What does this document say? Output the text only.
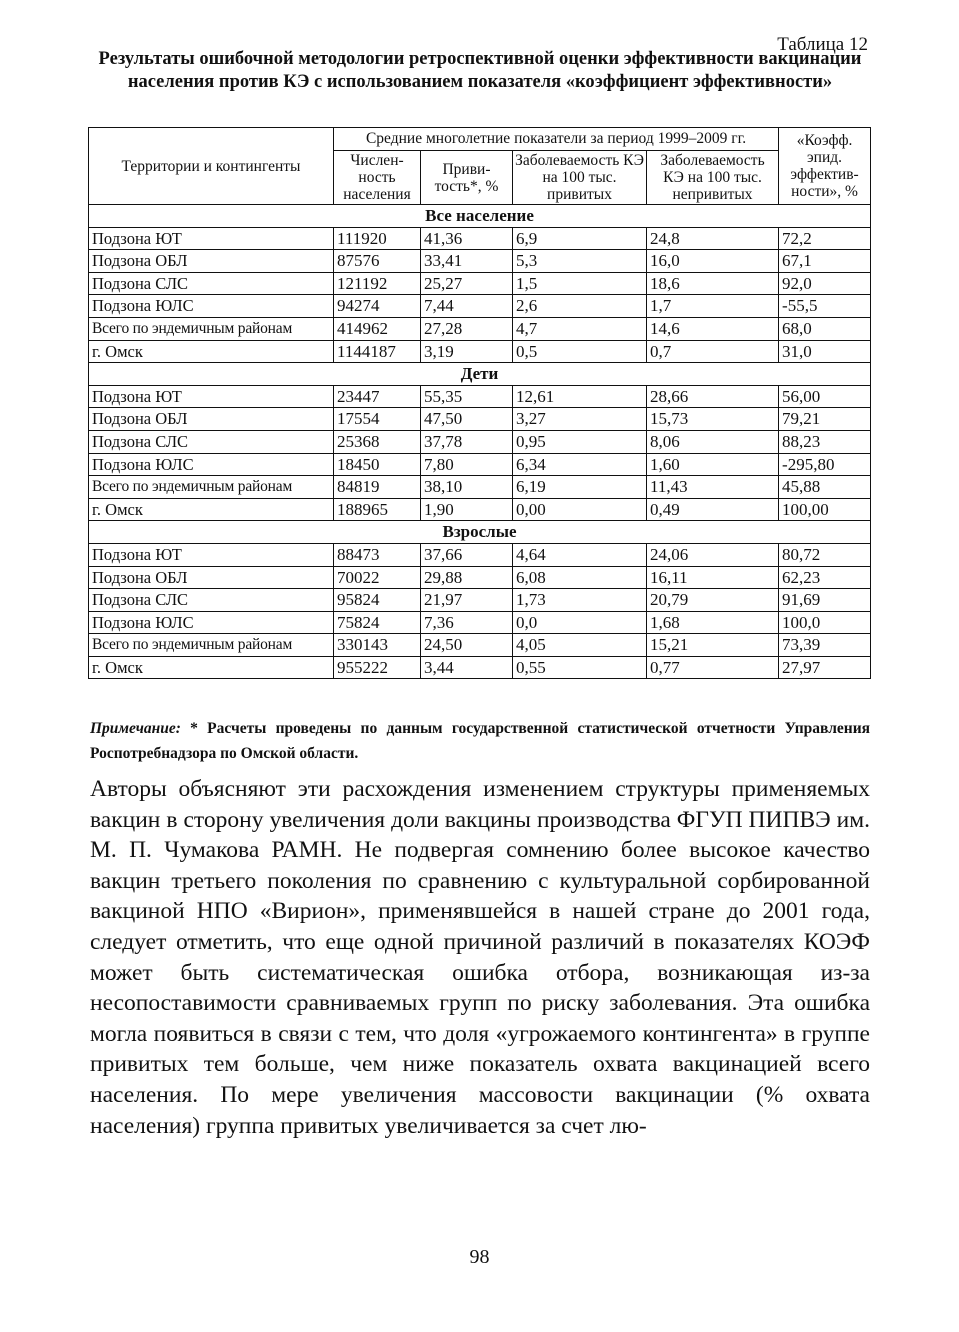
Таблица 12
Результаты ошибочной методологии ретроспективной оценки эффективности вакцинации населения против КЭ с использованием показателя «коэффициент эффективности»
Территории и контингенты	Средние многолетние показатели за период 1999–2009 гг.				«Коэфф. эпид. эффектив-ности», %
	Числен-ность населения	Приви-тость*, %	Заболеваемость КЭ на 100 тыс. привитых	Заболеваемость КЭ на 100 тыс. непривитых	
Все население					
Подзона ЮТ	111920	41,36	6,9	24,8	72,2
Подзона ОБЛ	87576	33,41	5,3	16,0	67,1
Подзона СЛС	121192	25,27	1,5	18,6	92,0
Подзона ЮЛС	94274	7,44	2,6	1,7	-55,5
Всего по эндемичным районам	414962	27,28	4,7	14,6	68,0
г. Омск	1144187	3,19	0,5	0,7	31,0
Дети					
Подзона ЮТ	23447	55,35	12,61	28,66	56,00
Подзона ОБЛ	17554	47,50	3,27	15,73	79,21
Подзона СЛС	25368	37,78	0,95	8,06	88,23
Подзона ЮЛС	18450	7,80	6,34	1,60	-295,80
Всего по эндемичным районам	84819	38,10	6,19	11,43	45,88
г. Омск	188965	1,90	0,00	0,49	100,00
Взрослые					
Подзона ЮТ	88473	37,66	4,64	24,06	80,72
Подзона ОБЛ	70022	29,88	6,08	16,11	62,23
Подзона СЛС	95824	21,97	1,73	20,79	91,69
Подзона ЮЛС	75824	7,36	0,0	1,68	100,0
Всего по эндемичным районам	330143	24,50	4,05	15,21	73,39
г. Омск	955222	3,44	0,55	0,77	27,97
Примечание: * Расчеты проведены по данным государственной статистической отчетности Управления Роспотребнадзора по Омской области.
Авторы объясняют эти расхождения изменением структуры применяемых вакцин в сторону увеличения доли вакцины производства ФГУП ПИПВЭ им. М. П. Чумакова РАМН. Не подвергая сомнению более высокое качество вакцин третьего поколения по сравнению с культуральной сорбированной вакциной НПО «Вирион», применявшейся в нашей стране до 2001 года, следует отметить, что еще одной причиной различий в показателях КОЭФ может быть систематическая ошибка отбора, возникающая из-за несопоставимости сравниваемых групп по риску заболевания. Эта ошибка могла появиться в связи с тем, что доля «угрожаемого контингента» в группе привитых тем больше, чем ниже показатель охвата вакцинацией всего населения. По мере увеличения массовости вакцинации (% охвата населения) группа привитых увеличивается за счет лю-
98
